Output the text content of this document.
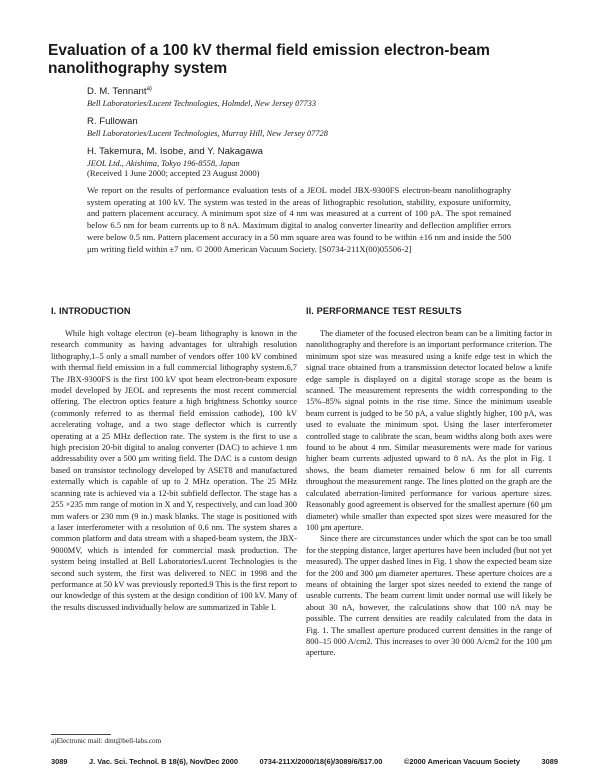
Evaluation of a 100 kV thermal field emission electron-beam nanolithography system
D. M. Tennant$^{a)}$
Bell Laboratories/Lucent Technologies, Holmdel, New Jersey 07733
R. Fullowan
Bell Laboratories/Lucent Technologies, Murray Hill, New Jersey 07728
H. Takemura, M. Isobe, and Y. Nakagawa
JEOL Ltd., Akishima, Tokyo 196-8558, Japan
(Received 1 June 2000; accepted 23 August 2000)

We report on the results of performance evaluation tests of a JEOL model JBX-9300FS electron-beam nanolithography system operating at 100 kV. The system was tested in the areas of lithographic resolution, stability, exposure uniformity, and pattern placement accuracy. A minimum spot size of 4 nm was measured at a current of 100 pA. The spot remained below 6.5 nm for beam currents up to 8 nA. Maximum digital to analog converter linearity and deflection amplifier errors were below 0.5 nm. Pattern placement accuracy in a 50 mm square area was found to be within ±16 nm and inside the 500 μm writing field within ±7 nm. © 2000 American Vacuum Society. [S0734-211X(00)05506-2]

I. INTRODUCTION

While high voltage electron (e)–beam lithography is known in the research community as having advantages for ultrahigh resolution lithography,1–5 only a small number of vendors offer 100 kV combined with thermal field emission in a full commercial lithography system.6,7 The JBX-9300FS is the first 100 kV spot beam electron-beam exposure model developed by JEOL and represents the most recent commercial offering. The electron optics feature a high brightness Schottky source (commonly referred to as thermal field emission cathode), 100 kV accelerating voltage, and a two stage deflector which is currently operating at a 25 MHz deflection rate. The system is the first to use a high precision 20-bit digital to analog converter (DAC) to achieve 1 nm addressability over a 500 μm writing field. The DAC is a custom design based on transistor technology developed by ASET8 and manufactured externally which is capable of up to 2 MHz operation. The 25 MHz scanning rate is achieved via a 12-bit subfield deflector. The stage has a 255 ×235 mm range of motion in X and Y, respectively, and can load 300 mm wafers or 230 mm (9 in.) mask blanks. The stage is positioned with a laser interferometer with a resolution of 0.6 nm. The system shares a common platform and data stream with a shaped-beam system, the JBX-9000MV, which is intended for commercial mask production. The system being installed at Bell Laboratories/Lucent Technologies is the second such system, the first was delivered to NEC in 1998 and the performance at 50 kV was previously reported.9 This is the first report to our knowledge of this system at the design condition of 100 kV. Many of the results discussed individually below are summarized in Table I.

II. PERFORMANCE TEST RESULTS

The diameter of the focused electron beam can be a limiting factor in nanolithography and therefore is an important performance criterion. The minimum spot size was measured using a knife edge test in which the signal trace obtained from a transmission detector located below a knife edge sample is displayed on a digital storage scope as the beam is scanned. The measurement represents the width corresponding to the 15%–85% signal points in the rise time. Since the minimum useable beam current is judged to be 50 pA, a value slightly higher, 100 pA, was used to evaluate the minimum spot. Using the laser interferometer controlled stage to calibrate the scan, beam widths along both axes were found to be about 4 nm. Similar measurements were made for various higher beam currents adjusted upward to 8 nA. As the plot in Fig. 1 shows, the beam diameter remained below 6 nm for all currents throughout the measurement range. The lines plotted on the graph are the calculated aberration-limited performance for various aperture sizes. Reasonably good agreement is observed for the smallest aperture (60 μm diameter) while smaller than expected spot sizes were measured for the 100 μm aperture.

Since there are circumstances under which the spot can be too small for the stepping distance, larger apertures have been included (but not yet measured). The upper dashed lines in Fig. 1 show the expected beam size for the 200 and 300 μm diameter apertures. These aperture choices are a means of obtaining the larger spot sizes needed to extend the range of useable currents. The beam current limit under normal use will likely be about 30 nA, however, the calculations show that 100 nA may be possible. The current densities are readily calculated from the data in Fig. 1. The smallest aperture produced current densities in the range of 800–15 000 A/cm2. This increases to over 30 000 A/cm2 for the 100 μm aperture.

a)Electronic mail: dmt@bell-labs.com
3089	J. Vac. Sci. Technol. B 18(6), Nov/Dec 2000	0734-211X/2000/18(6)/3089/6/$17.00	©2000 American Vacuum Society	3089
